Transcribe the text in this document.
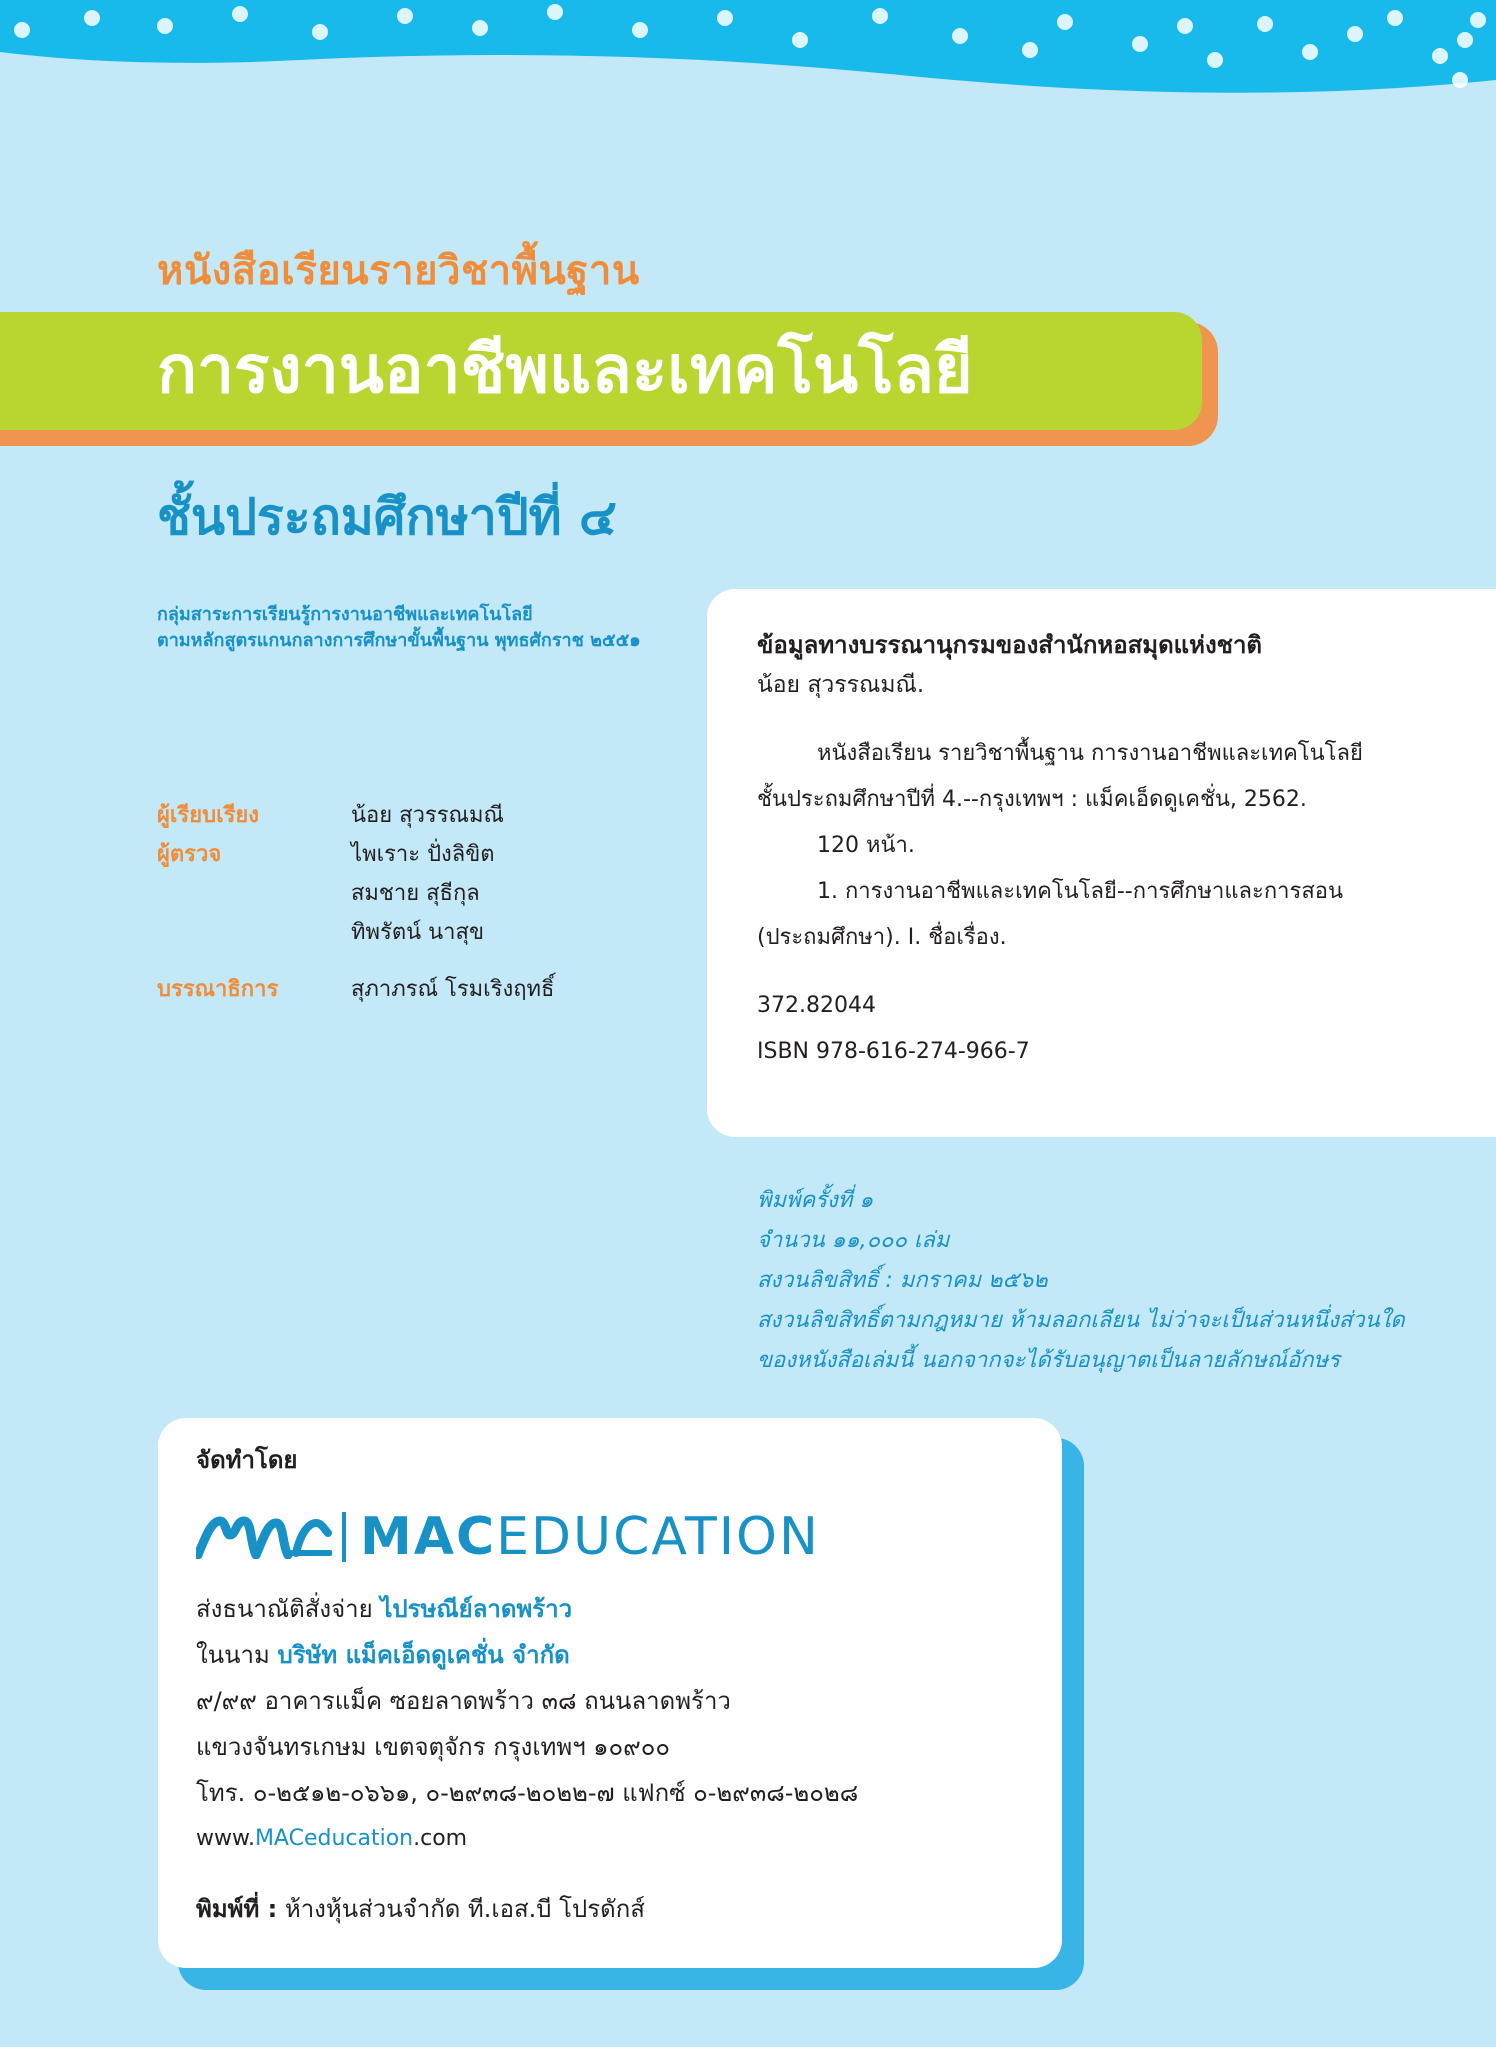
หนังสือเรียนรายวิชาพื้นฐาน
การงานอาชีพและเทคโนโลยี
ชั้นประถมศึกษาปีที่ ๔
กลุ่มสาระการเรียนรู้การงานอาชีพและเทคโนโลยี
ตามหลักสูตรแกนกลางการศึกษาขั้นพื้นฐาน พุทธศักราช ๒๕๕๑
ผู้เรียบเรียง	น้อย สุวรรณมณี
ผู้ตรวจ	ไพเราะ ปั่งลิขิต
สมชาย สุธีกุล
ทิพรัตน์ นาสุข
บรรณาธิการ	สุภาภรณ์ โรมเริงฤทธิ์
ข้อมูลทางบรรณานุกรมของสำนักหอสมุดแห่งชาติ
น้อย สุวรรณมณี.
หนังสือเรียน รายวิชาพื้นฐาน การงานอาชีพและเทคโนโลยี
ชั้นประถมศึกษาปีที่ 4.--กรุงเทพฯ : แม็คเอ็ดดูเคชั่น, 2562.
120 หน้า.
1. การงานอาชีพและเทคโนโลยี--การศึกษาและการสอน
(ประถมศึกษา). I. ชื่อเรื่อง.
372.82044
ISBN 978-616-274-966-7
พิมพ์ครั้งที่ ๑
จำนวน ๑๑,๐๐๐ เล่ม
สงวนลิขสิทธิ์ : มกราคม ๒๕๖๒
สงวนลิขสิทธิ์ตามกฎหมาย ห้ามลอกเลียน ไม่ว่าจะเป็นส่วนหนึ่งส่วนใด
ของหนังสือเล่มนี้ นอกจากจะได้รับอนุญาตเป็นลายลักษณ์อักษร
จัดทำโดย
MACEDUCATION
ส่งธนาณัติสั่งจ่าย ไปรษณีย์ลาดพร้าว
ในนาม บริษัท แม็คเอ็ดดูเคชั่น จำกัด
๙/๙๙ อาคารแม็ค ซอยลาดพร้าว ๓๘ ถนนลาดพร้าว
แขวงจันทรเกษม เขตจตุจักร กรุงเทพฯ ๑๐๙๐๐
โทร. ๐-๒๕๑๒-๐๖๖๑, ๐-๒๙๓๘-๒๐๒๒-๗ แฟกซ์ ๐-๒๙๓๘-๒๐๒๘
www.MACeducation.com
พิมพ์ที่ : ห้างหุ้นส่วนจำกัด ที.เอส.บี โปรดักส์
